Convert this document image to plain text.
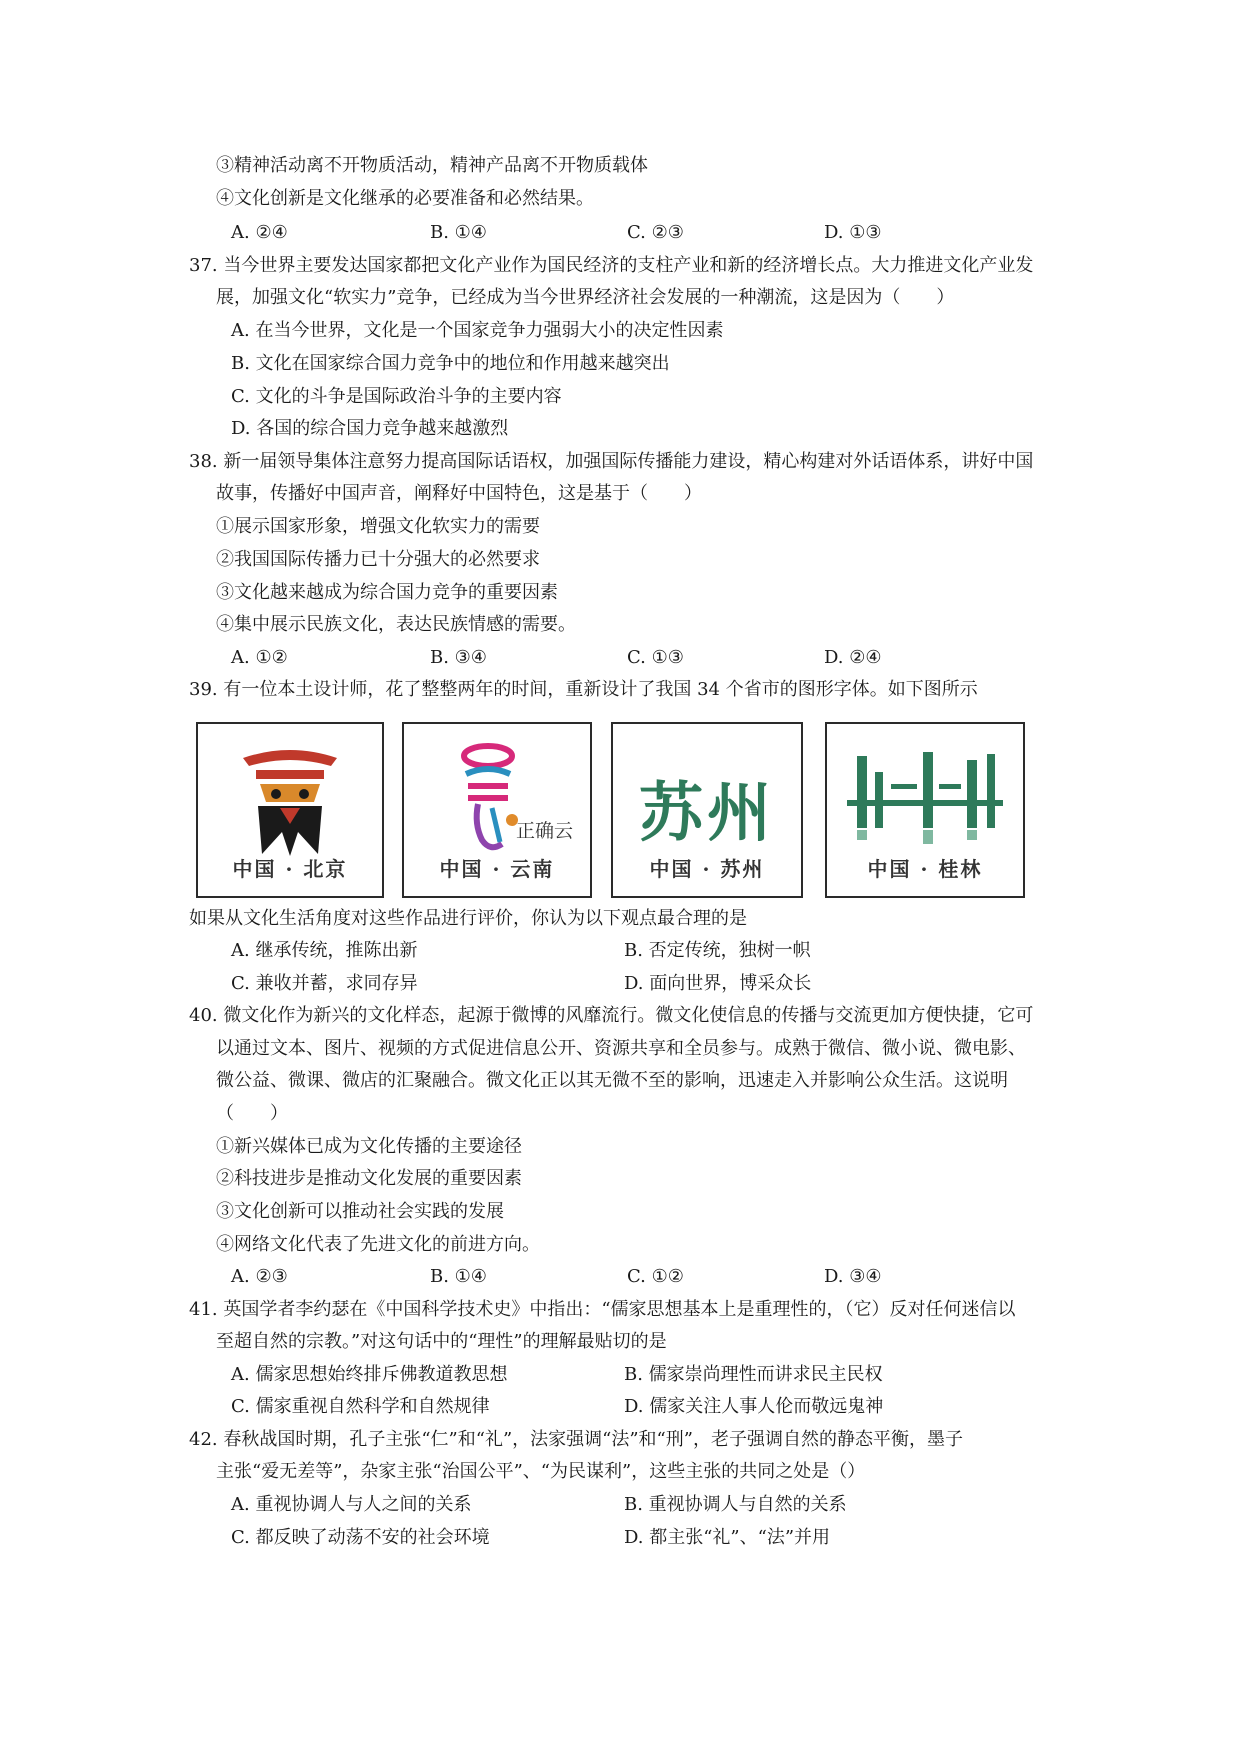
③精神活动离不开物质活动，精神产品离不开物质载体
④文化创新是文化继承的必要准备和必然结果。
A. ②④	B. ①④	C. ②③	D. ①③
37. 当今世界主要发达国家都把文化产业作为国民经济的支柱产业和新的经济增长点。大力推进文化产业发
展，加强文化“软实力”竞争，已经成为当今世界经济社会发展的一种潮流，这是因为（　　）
A. 在当今世界，文化是一个国家竞争力强弱大小的决定性因素
B. 文化在国家综合国力竞争中的地位和作用越来越突出
C. 文化的斗争是国际政治斗争的主要内容
D. 各国的综合国力竞争越来越激烈
38. 新一届领导集体注意努力提高国际话语权，加强国际传播能力建设，精心构建对外话语体系，讲好中国
故事，传播好中国声音，阐释好中国特色，这是基于（　　）
①展示国家形象，增强文化软实力的需要
②我国国际传播力已十分强大的必然要求
③文化越来越成为综合国力竞争的重要因素
④集中展示民族文化，表达民族情感的需要。
A. ①②	B. ③④	C. ①③	D. ②④
39. 有一位本土设计师，花了整整两年的时间，重新设计了我国 34 个省市的图形字体。如下图所示
中国 · 北京
正确云
中国 · 云南
苏州
中国 · 苏州	中国 · 桂林
如果从文化生活角度对这些作品进行评价，你认为以下观点最合理的是
A. 继承传统，推陈出新	B. 否定传统，独树一帜
C. 兼收并蓄，求同存异	D. 面向世界，博采众长
40. 微文化作为新兴的文化样态，起源于微博的风靡流行。微文化使信息的传播与交流更加方便快捷，它可
以通过文本、图片、视频的方式促进信息公开、资源共享和全员参与。成熟于微信、微小说、微电影、
微公益、微课、微店的汇聚融合。微文化正以其无微不至的影响，迅速走入并影响公众生活。这说明
（　　）
①新兴媒体已成为文化传播的主要途径
②科技进步是推动文化发展的重要因素
③文化创新可以推动社会实践的发展
④网络文化代表了先进文化的前进方向。
A. ②③	B. ①④	C. ①②	D. ③④
41. 英国学者李约瑟在《中国科学技术史》中指出：“儒家思想基本上是重理性的，（它）反对任何迷信以
至超自然的宗教。”对这句话中的“理性”的理解最贴切的是
A. 儒家思想始终排斥佛教道教思想	B. 儒家崇尚理性而讲求民主民权
C. 儒家重视自然科学和自然规律	D. 儒家关注人事人伦而敬远鬼神
42. 春秋战国时期，孔子主张“仁”和“礼”，法家强调“法”和“刑”，老子强调自然的静态平衡，墨子
主张“爱无差等”，杂家主张“治国公平”、“为民谋利”，这些主张的共同之处是（）
A. 重视协调人与人之间的关系	B. 重视协调人与自然的关系
C. 都反映了动荡不安的社会环境	D. 都主张“礼”、“法”并用
